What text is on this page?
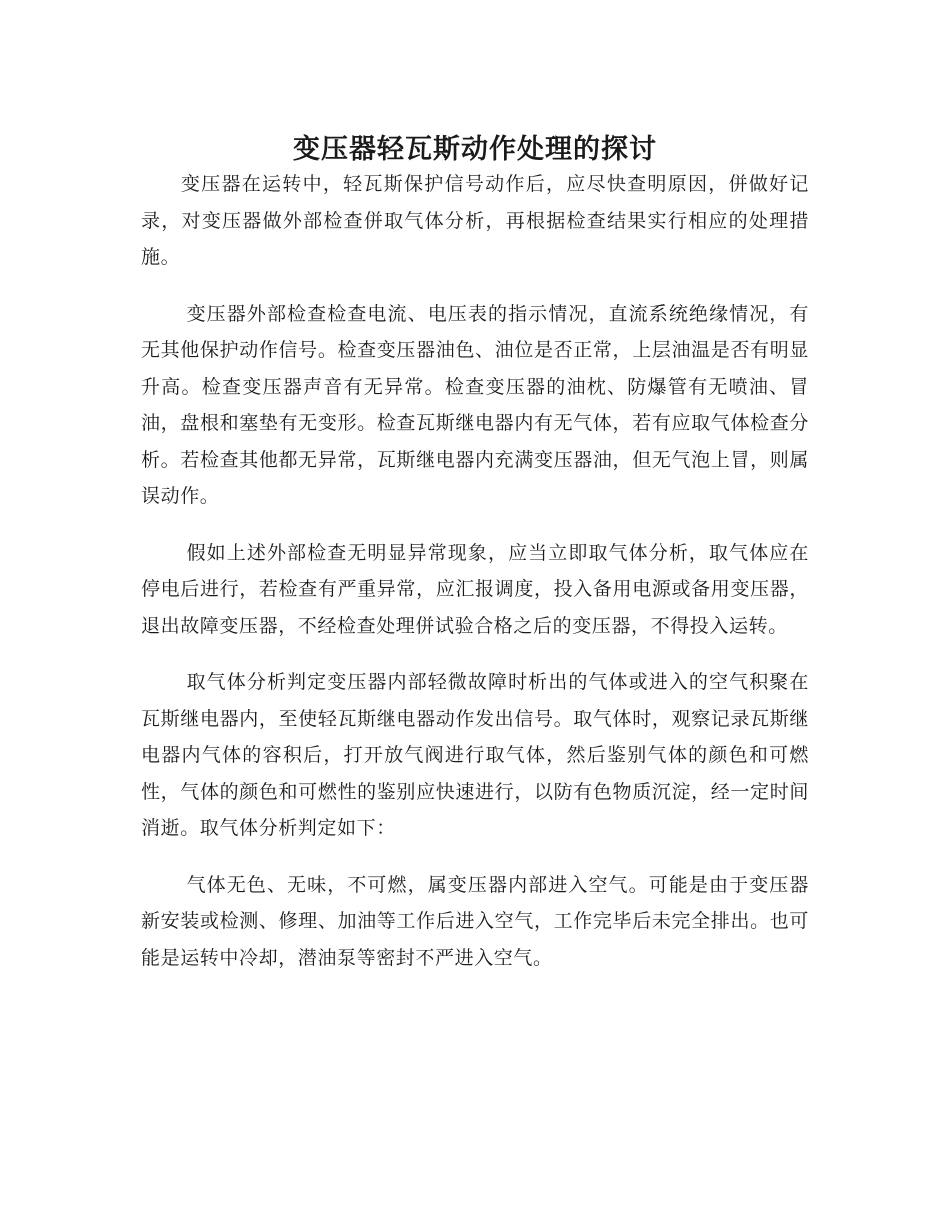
变压器轻瓦斯动作处理的探讨

变压器在运转中，轻瓦斯保护信号动作后，应尽快查明原因，併做好记录，对变压器做外部检查併取气体分析，再根据检查结果实行相应的处理措施。

变压器外部检查检查电流、电压表的指示情况，直流系统绝缘情况，有无其他保护动作信号。检查变压器油色、油位是否正常，上层油温是否有明显升高。检查变压器声音有无异常。检查变压器的油枕、防爆管有无喷油、冒油，盘根和塞垫有无变形。检查瓦斯继电器内有无气体，若有应取气体检查分析。若检查其他都无异常，瓦斯继电器内充满变压器油，但无气泡上冒，则属误动作。

假如上述外部检查无明显异常现象，应当立即取气体分析，取气体应在停电后进行，若检查有严重异常，应汇报调度，投入备用电源或备用变压器，退出故障变压器，不经检查处理併试验合格之后的变压器，不得投入运转。

取气体分析判定变压器内部轻微故障时析出的气体或进入的空气积聚在瓦斯继电器内，至使轻瓦斯继电器动作发出信号。取气体时，观察记录瓦斯继电器内气体的容积后，打开放气阀进行取气体，然后鉴别气体的颜色和可燃性，气体的颜色和可燃性的鉴别应快速进行，以防有色物质沉淀，经一定时间消逝。取气体分析判定如下：

气体无色、无味，不可燃，属变压器内部进入空气。可能是由于变压器新安装或检测、修理、加油等工作后进入空气，工作完毕后未完全排出。也可能是运转中冷却，潜油泵等密封不严进入空气。
